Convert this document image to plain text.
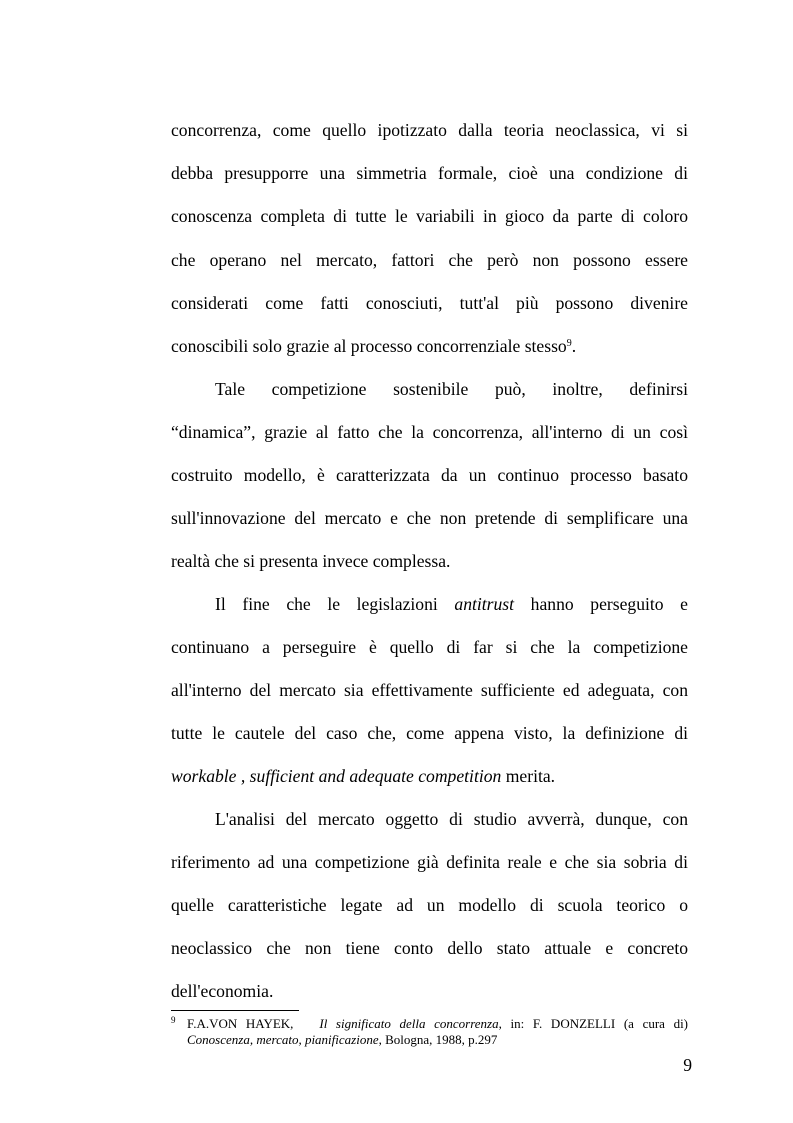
concorrenza, come quello ipotizzato dalla teoria neoclassica, vi si
debba presupporre una simmetria formale, cioè una condizione di
conoscenza completa di tutte le variabili in gioco da parte di coloro
che operano nel mercato, fattori che però non possono essere
considerati come fatti conosciuti, tutt'al più possono divenire
conoscibili solo grazie al processo concorrenziale stesso$^9$.
Tale competizione sostenibile può, inoltre, definirsi
“dinamica”, grazie al fatto che la concorrenza, all'interno di un così
costruito modello, è caratterizzata da un continuo processo basato
sull'innovazione del mercato e che non pretende di semplificare una
realtà che si presenta invece complessa.
Il fine che le legislazioni antitrust hanno perseguito e
continuano a perseguire è quello di far si che la competizione
all'interno del mercato sia effettivamente sufficiente ed adeguata, con
tutte le cautele del caso che, come appena visto, la definizione di
workable , sufficient and adequate competition merita.
L'analisi del mercato oggetto di studio avverrà, dunque, con
riferimento ad una competizione già definita reale e che sia sobria di
quelle caratteristiche legate ad un modello di scuola teorico o
neoclassico che non tiene conto dello stato attuale e concreto
dell'economia.
9 F.A.VON HAYEK, Il significato della concorrenza, in: F. DONZELLI (a cura di)
Conoscenza, mercato, pianificazione, Bologna, 1988, p.297
9
